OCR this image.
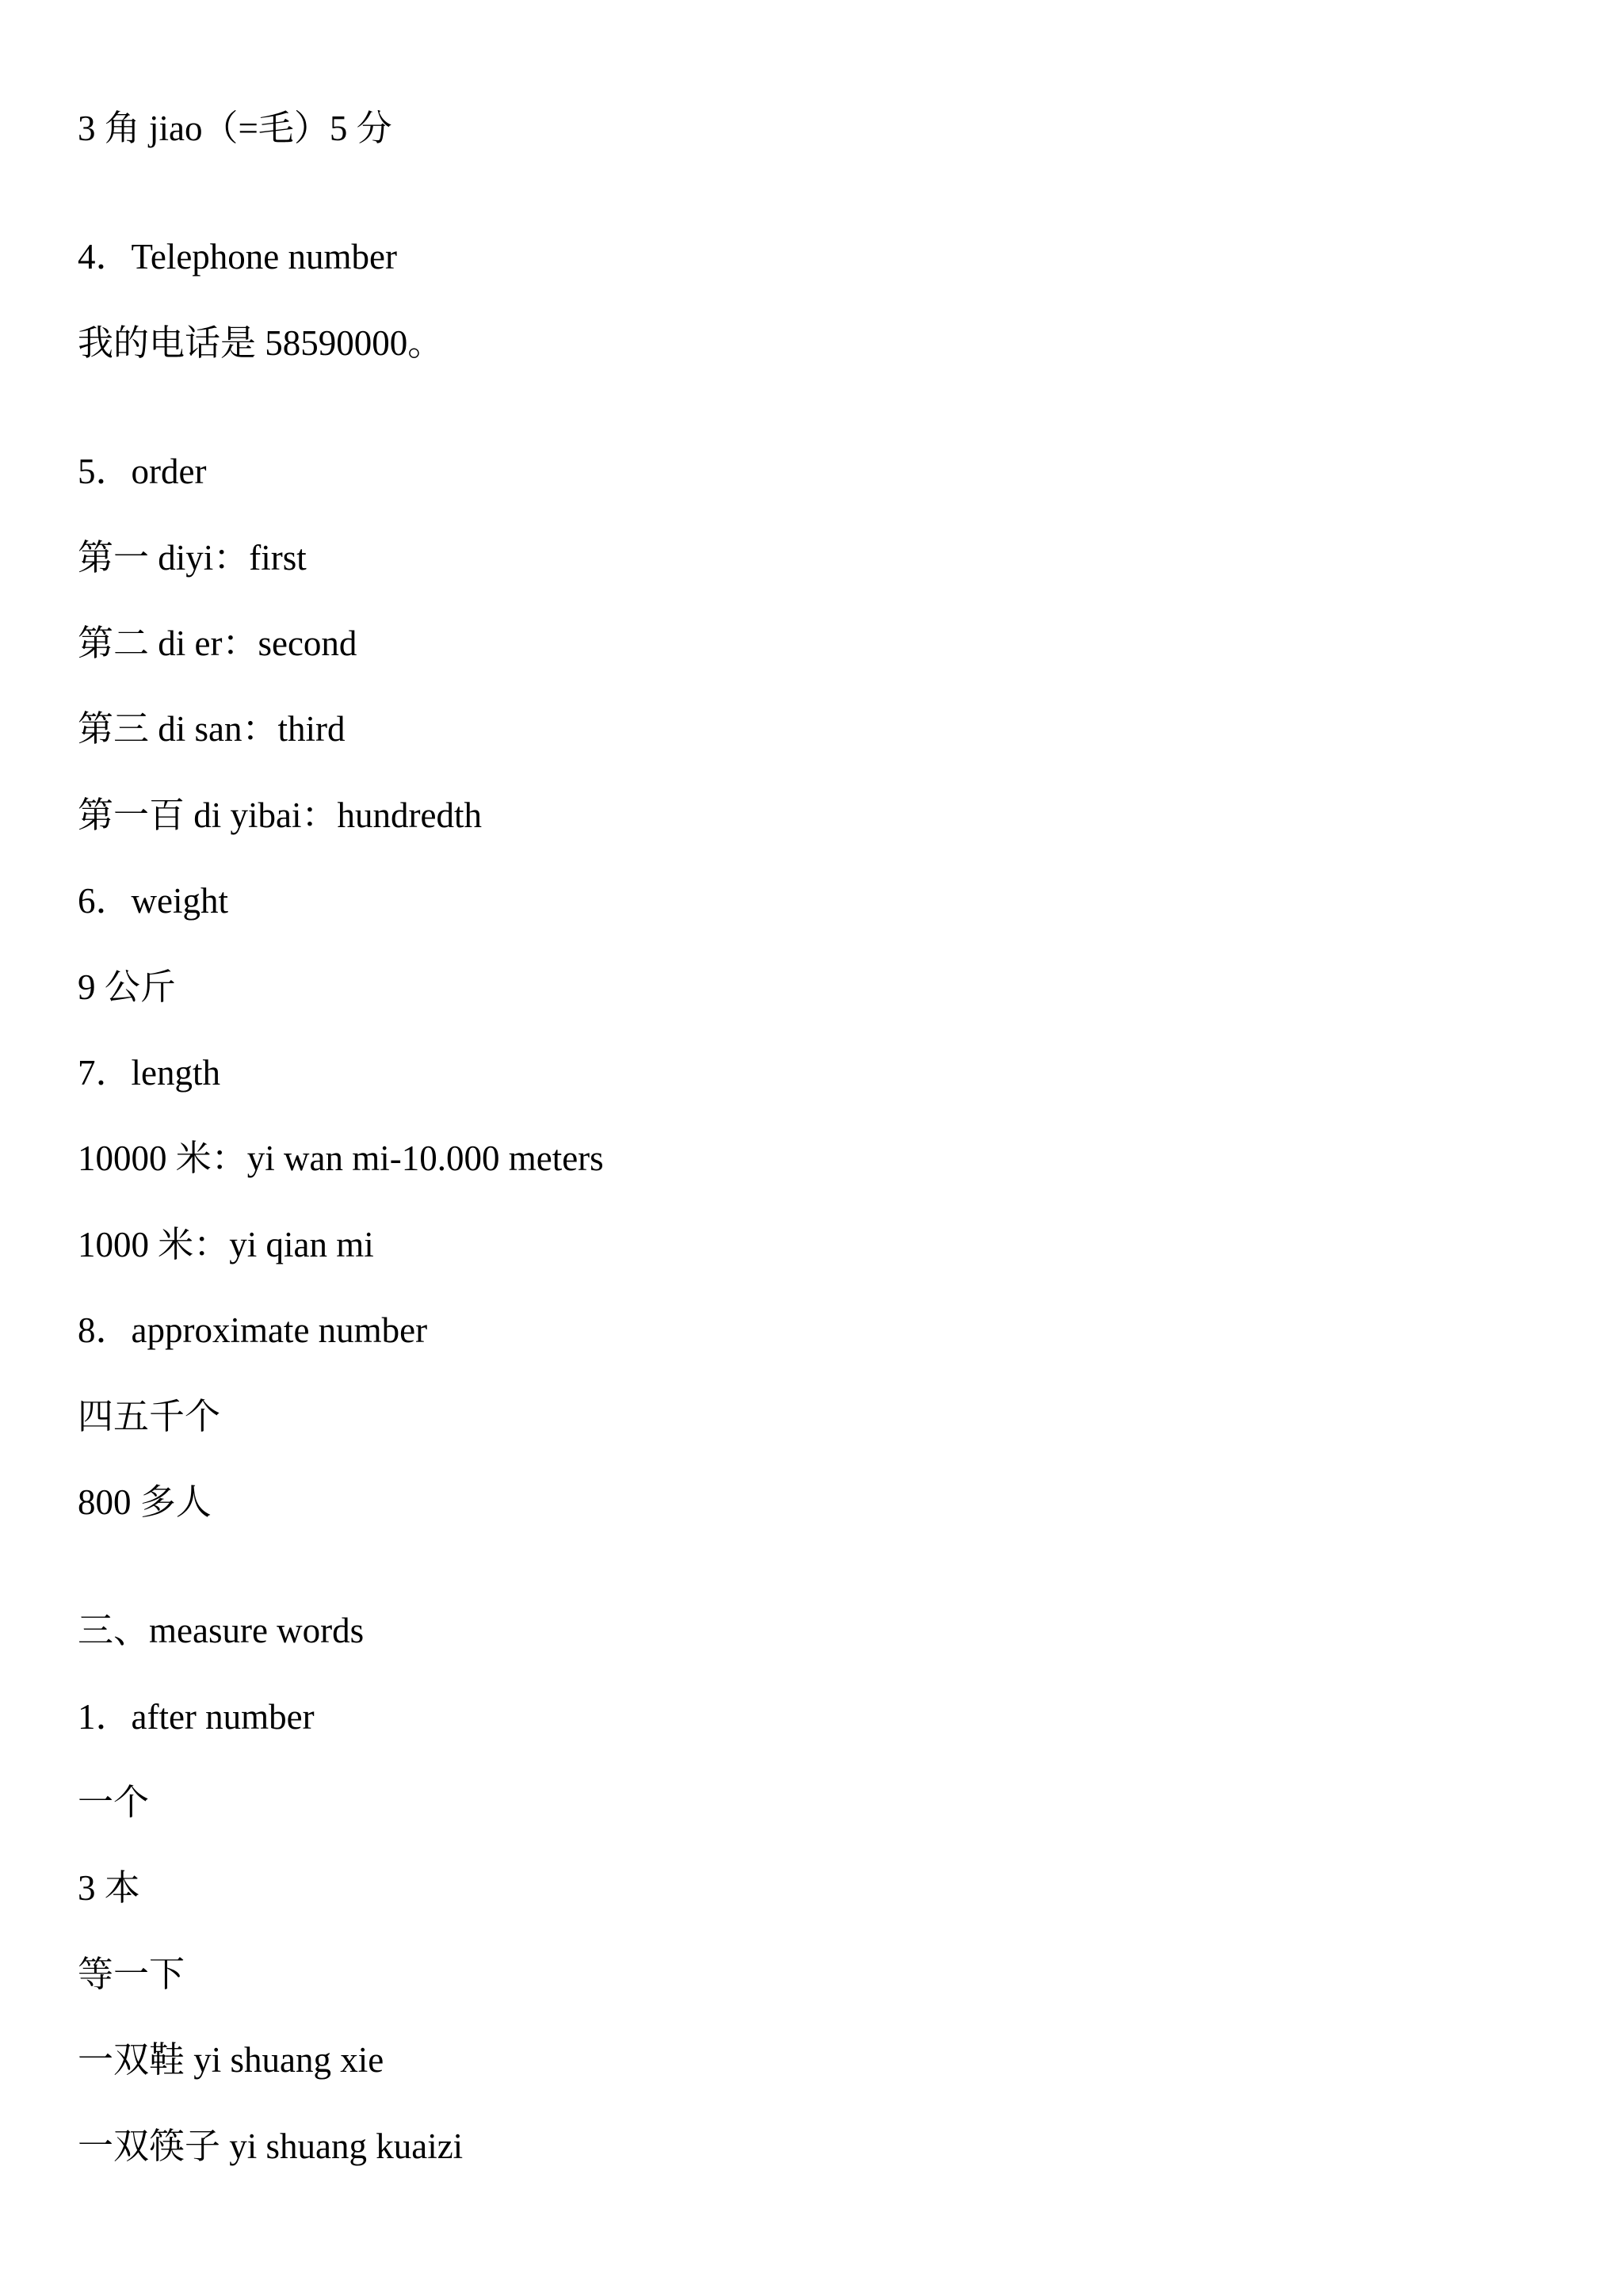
3 角 jiao（=毛）5 分

4．Telephone number

我的电话是 58590000。

5．order

第一 diyi：first

第二 di er：second

第三 di san：third

第一百 di yibai：hundredth

6．weight

9 公斤

7．length

10000 米：yi wan mi-10.000 meters

1000 米：yi qian mi

8．approximate number

四五千个

800 多人

三、measure words

1．after number

一个

3 本

等一下

一双鞋 yi shuang xie

一双筷子 yi shuang kuaizi
